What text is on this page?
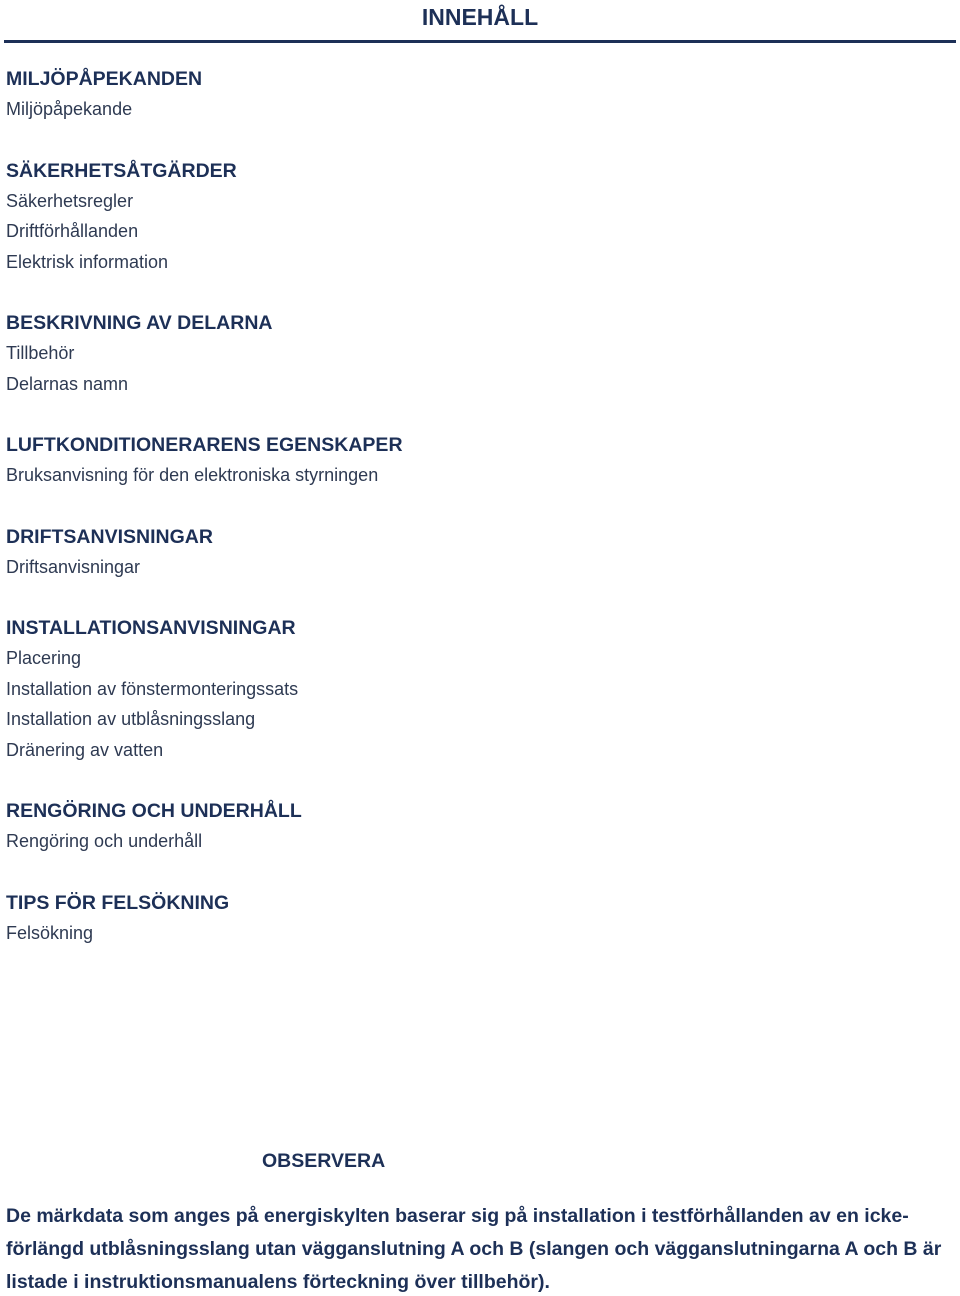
INNEHÅLL
MILJÖPÅPEKANDEN
Miljöpåpekande
SÄKERHETSÅTGÄRDER
Säkerhetsregler
Driftförhållanden
Elektrisk information
BESKRIVNING AV DELARNA
Tillbehör
Delarnas namn
LUFTKONDITIONERARENS EGENSKAPER
Bruksanvisning för den elektroniska styrningen
DRIFTSANVISNINGAR
Driftsanvisningar
INSTALLATIONSANVISNINGAR
Placering
Installation av fönstermonteringssats
Installation av utblåsningsslang
Dränering av vatten
RENGÖRING OCH UNDERHÅLL
Rengöring och underhåll
TIPS FÖR FELSÖKNING
Felsökning
OBSERVERA
De märkdata som anges på energiskylten baserar sig på installation i testförhållanden av en icke-förlängd utblåsningsslang utan vägganslutning A och B (slangen och vägganslutningarna A och B är listade i instruktionsmanualens förteckning över tillbehör).
